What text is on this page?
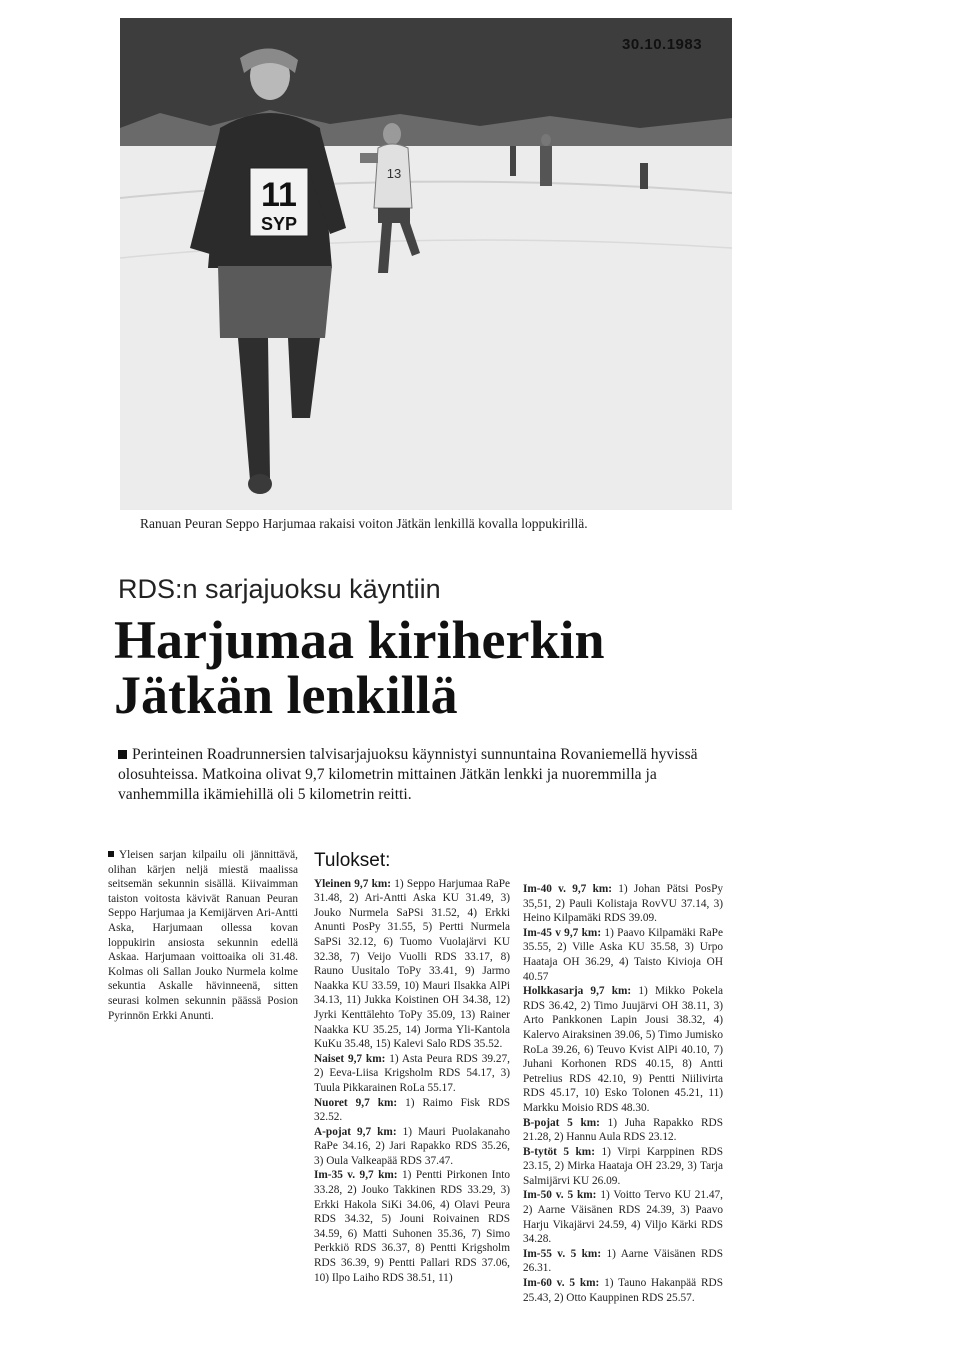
11
SYP
13
30.10.1983
Ranuan Peuran Seppo Harjumaa rakaisi voiton Jätkän lenkillä kovalla loppukirillä.
RDS:n sarjajuoksu käyntiin
Harjumaa kiriherkin
Jätkän lenkillä

Perinteinen Roadrunnersien talvisarjajuoksu käynnistyi sunnuntaina Rovaniemellä hyvissä olosuhteissa. Matkoina olivat 9,7 kilometrin mittainen Jätkän lenkki ja nuoremmilla ja vanhemmilla ikämiehillä oli 5 kilometrin reitti.

Yleisen sarjan kilpailu oli jännittävä, olihan kärjen neljä miestä maalissa seitsemän sekunnin sisällä. Kiivaimman taiston voitosta kävivät Ranuan Peuran Seppo Harjumaa ja Kemijärven Ari-Antti Aska, Harjumaan ollessa kovan loppukirin ansiosta sekunnin edellä Askaa. Harjumaan voittoaika oli 31.48. Kolmas oli Sallan Jouko Nurmela kolme sekuntia Askalle hävinneenä, sitten seurasi kolmen sekunnin päässä Posion Pyrinnön Erkki Anunti.

Tulokset:

Yleinen 9,7 km: 1) Seppo Harjumaa RaPe 31.48, 2) Ari-Antti Aska KU 31.49, 3) Jouko Nurmela SaPSi 31.52, 4) Erkki Anunti PosPy 31.55, 5) Pertti Nurmela SaPSi 32.12, 6) Tuomo Vuolajärvi KU 32.38, 7) Veijo Vuolli RDS 33.17, 8) Rauno Uusitalo ToPy 33.41, 9) Jarmo Naakka KU 33.59, 10) Mauri Ilsakka AlPi 34.13, 11) Jukka Koistinen OH 34.38, 12) Jyrki Kenttälehto ToPy 35.09, 13) Rainer Naakka KU 35.25, 14) Jorma Yli-Kantola KuKu 35.48, 15) Kalevi Salo RDS 35.52.

Naiset 9,7 km: 1) Asta Peura RDS 39.27, 2) Eeva-Liisa Krigsholm RDS 54.17, 3) Tuula Pikkarainen RoLa 55.17.

Nuoret 9,7 km: 1) Raimo Fisk RDS 32.52.

A-pojat 9,7 km: 1) Mauri Puolakanaho RaPe 34.16, 2) Jari Rapakko RDS 35.26, 3) Oula Valkeapää RDS 37.47.

Im-35 v. 9,7 km: 1) Pentti Pirkonen Into 33.28, 2) Jouko Takkinen RDS 33.29, 3) Erkki Hakola SiKi 34.06, 4) Olavi Peura RDS 34.32, 5) Jouni Roivainen RDS 34.59, 6) Matti Suhonen 35.36, 7) Simo Perkkiö RDS 36.37, 8) Pentti Krigsholm RDS 36.39, 9) Pentti Pallari RDS 37.06, 10) Ilpo Laiho RDS 38.51, 11)

Im-40 v. 9,7 km: 1) Johan Pätsi PosPy 35,51, 2) Pauli Kolistaja RovVU 37.14, 3) Heino Kilpamäki RDS 39.09.

Im-45 v 9,7 km: 1) Paavo Kilpamäki RaPe 35.55, 2) Ville Aska KU 35.58, 3) Urpo Haataja OH 36.29, 4) Taisto Kivioja OH 40.57

Holkkasarja 9,7 km: 1) Mikko Pokela RDS 36.42, 2) Timo Juujärvi OH 38.11, 3) Arto Pankkonen Lapin Jousi 38.32, 4) Kalervo Airaksinen 39.06, 5) Timo Jumisko RoLa 39.26, 6) Teuvo Kvist AlPi 40.10, 7) Juhani Korhonen RDS 40.15, 8) Antti Petrelius RDS 42.10, 9) Pentti Niilivirta RDS 45.17, 10) Esko Tolonen 45.21, 11) Markku Moisio RDS 48.30.

B-pojat 5 km: 1) Juha Rapakko RDS 21.28, 2) Hannu Aula RDS 23.12.

B-tytöt 5 km: 1) Virpi Karppinen RDS 23.15, 2) Mirka Haataja OH 23.29, 3) Tarja Salmijärvi KU 26.09.

Im-50 v. 5 km: 1) Voitto Tervo KU 21.47, 2) Aarne Väisänen RDS 24.39, 3) Paavo Harju Vikajärvi 24.59, 4) Viljo Kärki RDS 34.28.

Im-55 v. 5 km: 1) Aarne Väisänen RDS 26.31.

Im-60 v. 5 km: 1) Tauno Hakanpää RDS 25.43, 2) Otto Kauppinen RDS 25.57.
